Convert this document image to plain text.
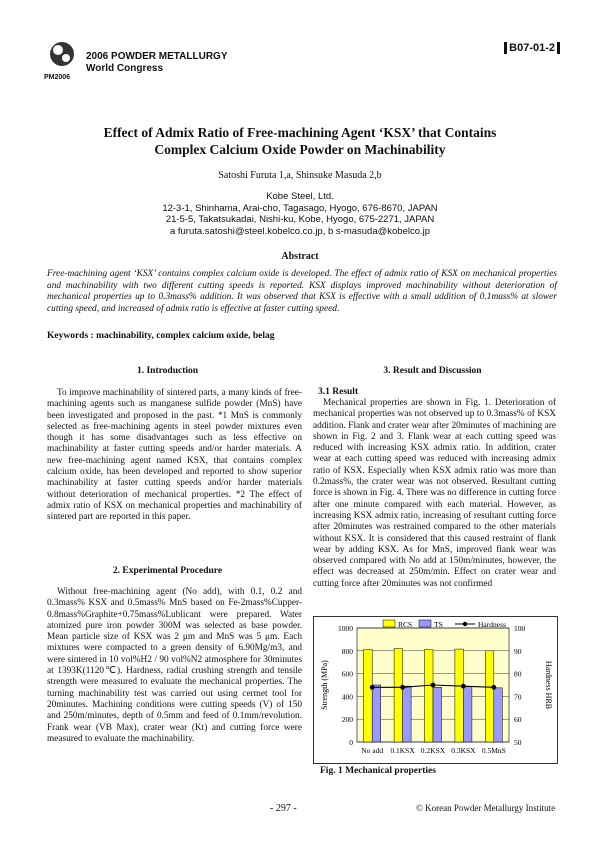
PM2006
2006 POWDER METALLURGY
World Congress
B07-01-2
Effect of Admix Ratio of Free-machining Agent ‘KSX’ that Contains
Complex Calcium Oxide Powder on Machinability
Satoshi Furuta 1,a, Shinsuke Masuda 2,b
Kobe Steel, Ltd.
12-3-1, Shinhama, Arai-cho, Tagasago, Hyogo, 676-8670, JAPAN
21-5-5, Takatsukadai, Nishi-ku, Kobe, Hyogo, 675-2271, JAPAN
a furuta.satoshi@steel.kobelco.co.jp, b s-masuda@kobelco.jp
Abstract
Free-machining agent ‘KSX’ contains complex calcium oxide is developed. The effect of admix ratio of KSX on mechanical properties and machinability with two different cutting speeds is reported. KSX displays improved machinability without deterioration of mechanical properties up to 0.3mass% addition. It was observed that KSX is effective with a small addition of 0.1mass% at slower cutting speed, and increased of admix ratio is effective at faster cutting speed.
Keywords : machinability, complex calcium oxide, belag
1. Introduction

To improve machinability of sintered parts, a many kinds of free-machining agents such as manganese sulfide powder (MnS) have been investigated and proposed in the past. *1 MnS is commonly selected as free-machining agents in steel powder mixtures even though it has some disadvantages such as less effective on machinability at faster cutting speeds and/or harder materials. A new free-machining agent named KSX, that contains complex calcium oxide, has been developed and reported to show superior machinability at faster cutting speeds and/or harder materials without deterioration of mechanical properties. *2 The effect of admix ratio of KSX on mechanical properties and machinability of sintered part are reported in this paper.

2. Experimental Procedure

Without free-machining agent (No add), with 0.1, 0.2 and 0.3mass% KSX and 0.5mass% MnS based on Fe-2mass%Cupper-0.8mass%Graphite+0.75mass%Lublicant were prepared. Water atomized pure iron powder 300M was selected as base powder. Mean particle size of KSX was 2 μm and MnS was 5 μm. Each mixtures were compacted to a green density of 6.90Mg/m3, and were sintered in 10 vol%H2 / 90 vol%N2 atmosphere for 30minutes at 1393K(1120℃). Hardness, radial crushing strength and tensile strength were measured to evaluate the mechanical properties. The turning machinability test was carried out using cermet tool for 20minutes. Machining conditions were cutting speeds (V) of 150 and 250m/minutes, depth of 0.5mm and feed of 0.1mm/revolution. Frank wear (VB Max), crater wear (Kt) and cutting force were measured to evaluate the machinability.

3. Result and Discussion
3.1 Result

Mechanical properties are shown in Fig. 1. Deterioration of mechanical properties was not observed up to 0.3mass% of KSX addition. Flank and crater wear after 20minutes of machining are shown in Fig. 2 and 3. Flank wear at each cutting speed was reduced with increasing KSX admix ratio. In addition, crater wear at each cutting speed was reduced with increasing admix ratio of KSX. Especially when KSX admix ratio was more than 0.2mass%, the crater wear was not observed. Resultant cutting force is shown in Fig. 4. There was no difference in cutting force after one minute compared with each material. However, as increasing KSX admix ratio, increasing of resultant cutting force after 20minutes was restrained compared to the other materials without KSX. It is considered that this caused restraint of flank wear by adding KSX. As for MnS, improved flank wear was observed compared with No add at 150m/minutes, however, the effect was decreased at 250m/min. Effect on crater wear and cutting force after 20minutes was not confirmed

0
200
400
600
800
1000
50
60
70
80
90
100
No add 0.1KSX 0.2KSX 0.3KSX 0.5MnS
RCS	TS	Hardness
Strength (MPa)	Hardness HRB
Fig. 1 Mechanical properties
- 297 -	© Korean Powder Metallurgy Institute
